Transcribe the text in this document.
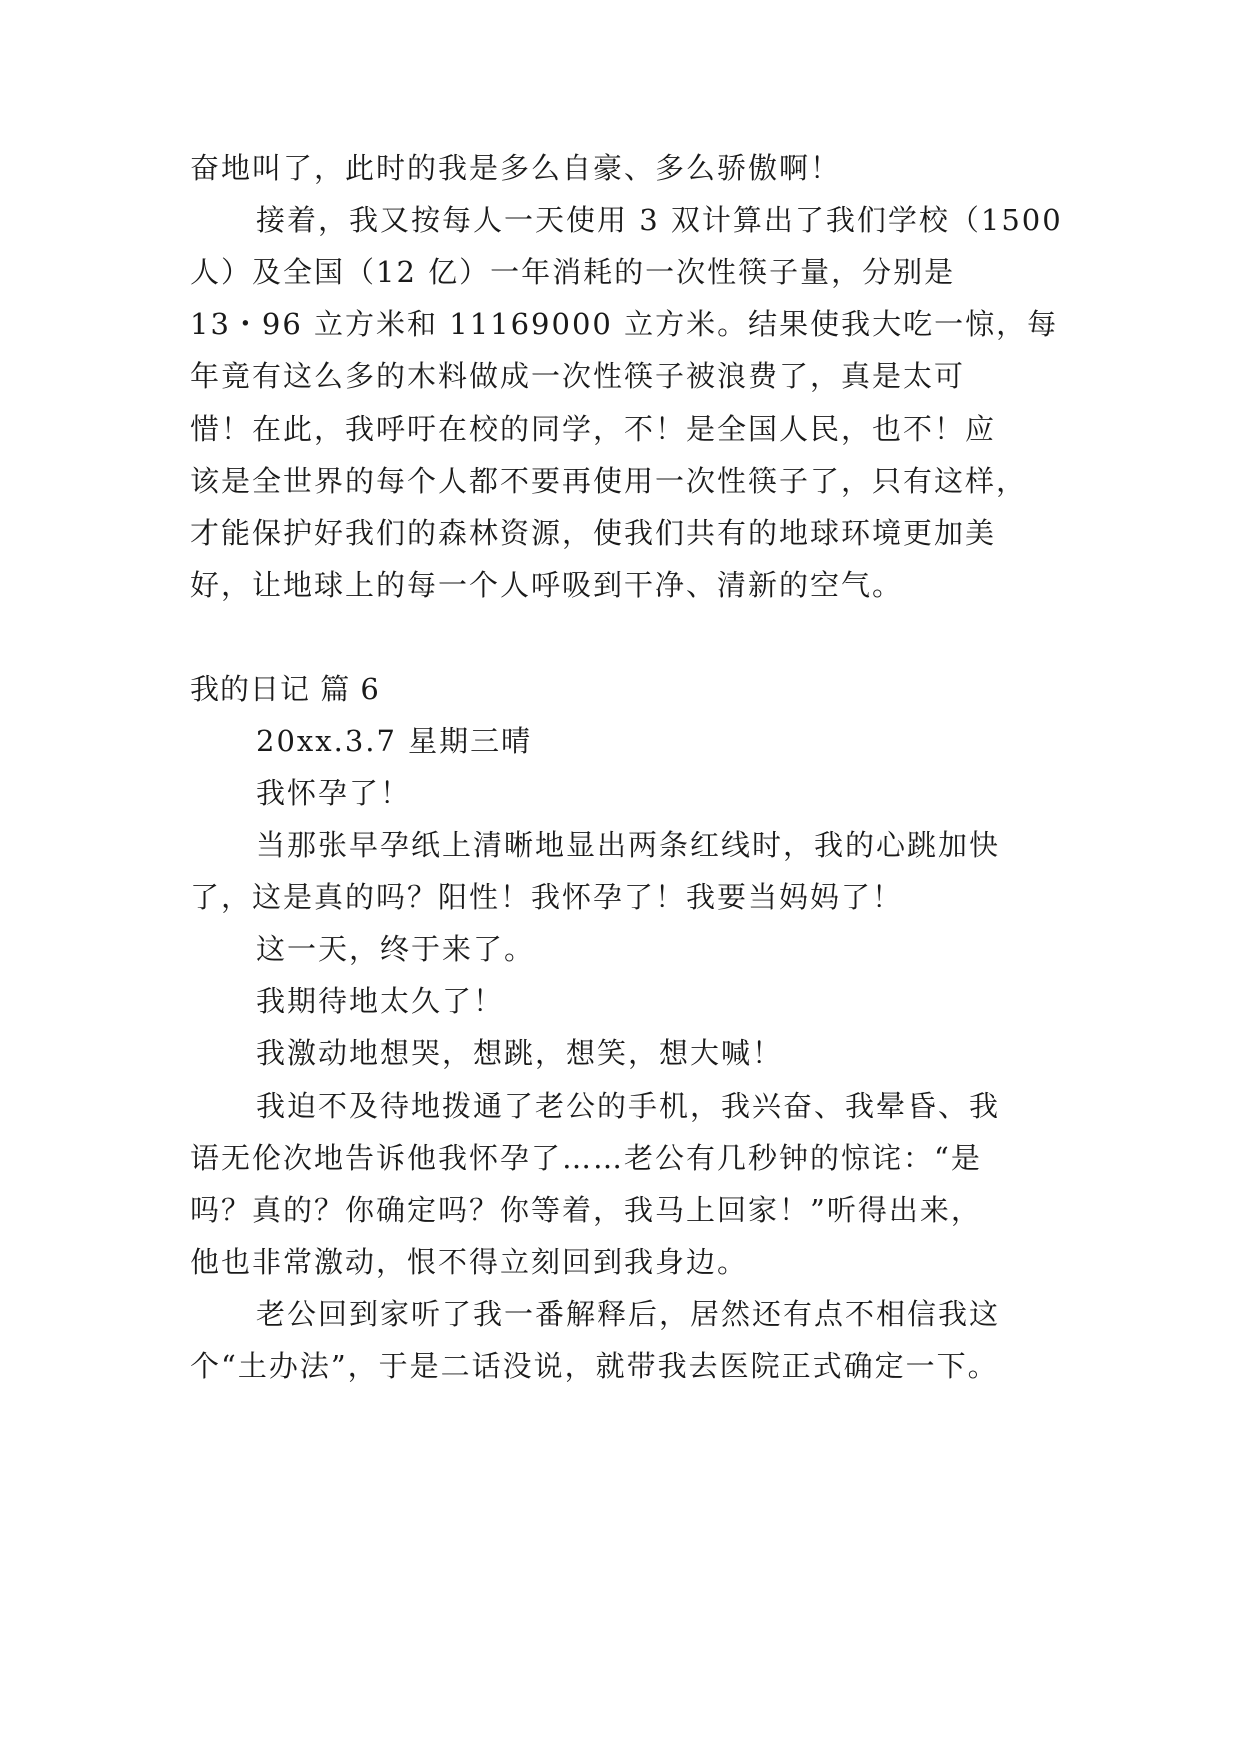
奋地叫了，此时的我是多么自豪、多么骄傲啊！

接着，我又按每人一天使用 3 双计算出了我们学校（1500

人）及全国（12 亿）一年消耗的一次性筷子量，分别是

13・96 立方米和 11169000 立方米。结果使我大吃一惊，每

年竟有这么多的木料做成一次性筷子被浪费了，真是太可

惜！在此，我呼吁在校的同学，不！是全国人民，也不！应

该是全世界的每个人都不要再使用一次性筷子了，只有这样，

才能保护好我们的森林资源，使我们共有的地球环境更加美

好，让地球上的每一个人呼吸到干净、清新的空气。

我的日记 篇 6

20xx.3.7 星期三晴

我怀孕了！

当那张早孕纸上清晰地显出两条红线时，我的心跳加快

了，这是真的吗？阳性！我怀孕了！我要当妈妈了！

这一天，终于来了。

我期待地太久了！

我激动地想哭，想跳，想笑，想大喊！

我迫不及待地拨通了老公的手机，我兴奋、我晕昏、我

语无伦次地告诉他我怀孕了……老公有几秒钟的惊诧：“是

吗？真的？你确定吗？你等着，我马上回家！”听得出来，

他也非常激动，恨不得立刻回到我身边。

老公回到家听了我一番解释后，居然还有点不相信我这

个“土办法”，于是二话没说，就带我去医院正式确定一下。
